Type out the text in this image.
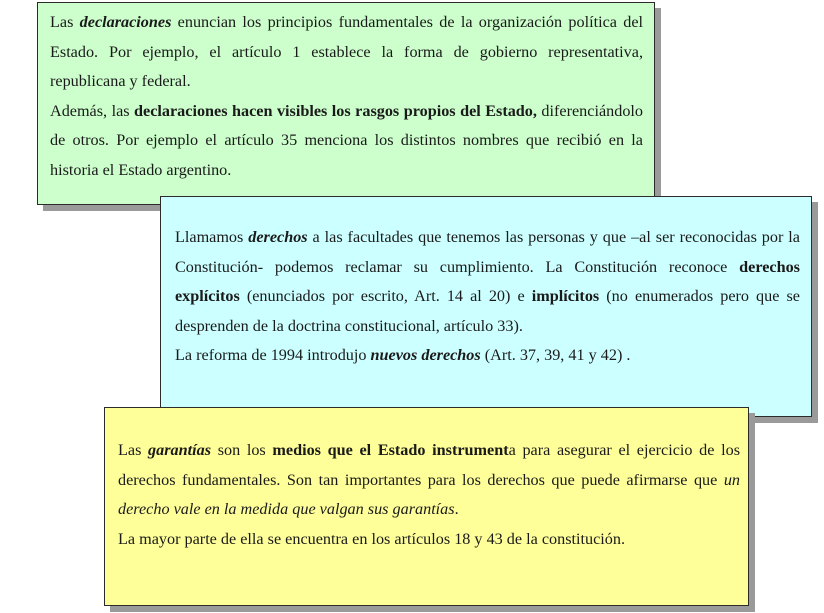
Las declaraciones enuncian los principios fundamentales de la organización política del Estado. Por ejemplo, el artículo 1 establece la forma de gobierno representativa, republicana y federal.

Además, las declaraciones hacen visibles los rasgos propios del Estado, diferenciándolo de otros. Por ejemplo el artículo 35 menciona los distintos nombres que recibió en la historia el Estado argentino.

Llamamos derechos a las facultades que tenemos las personas y que –al ser reconocidas por la Constitución- podemos reclamar su cumplimiento. La Constitución reconoce derechos explícitos (enunciados por escrito, Art. 14 al 20) e implícitos (no enumerados pero que se desprenden de la doctrina constitucional, artículo 33).

La reforma de 1994 introdujo nuevos derechos (Art. 37, 39, 41 y 42) .

Las garantías son los medios que el Estado instrumenta para asegurar el ejercicio de los derechos fundamentales. Son tan importantes para los derechos que puede afirmarse que un derecho vale en la medida que valgan sus garantías.

La mayor parte de ella se encuentra en los artículos 18 y 43 de la constitución.
